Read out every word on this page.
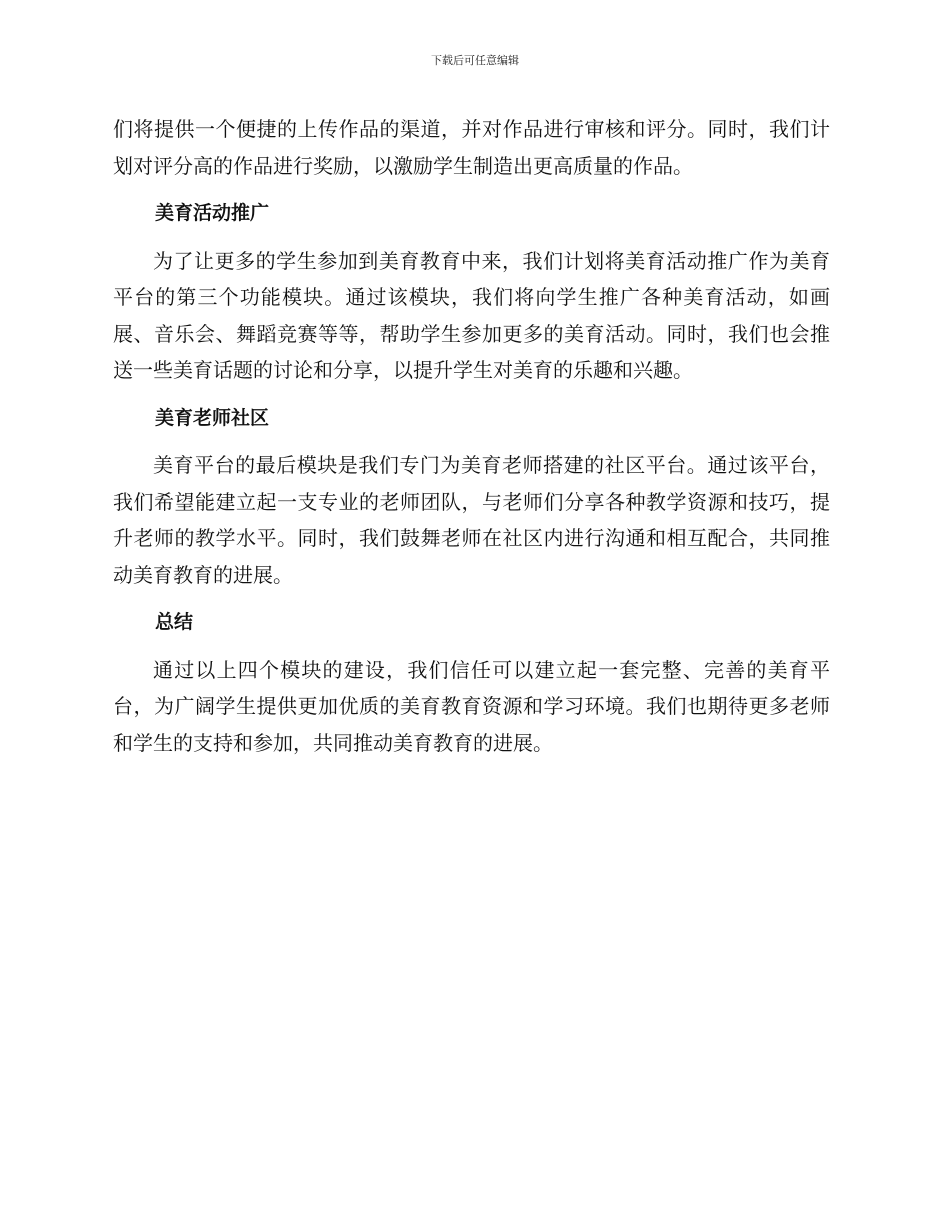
下载后可任意编辑

们将提供一个便捷的上传作品的渠道，并对作品进行审核和评分。同时，我们计划对评分高的作品进行奖励，以激励学生制造出更高质量的作品。

美育活动推广

为了让更多的学生参加到美育教育中来，我们计划将美育活动推广作为美育平台的第三个功能模块。通过该模块，我们将向学生推广各种美育活动，如画展、音乐会、舞蹈竞赛等等，帮助学生参加更多的美育活动。同时，我们也会推送一些美育话题的讨论和分享，以提升学生对美育的乐趣和兴趣。

美育老师社区

美育平台的最后模块是我们专门为美育老师搭建的社区平台。通过该平台，我们希望能建立起一支专业的老师团队，与老师们分享各种教学资源和技巧，提升老师的教学水平。同时，我们鼓舞老师在社区内进行沟通和相互配合，共同推动美育教育的进展。

总结

通过以上四个模块的建设，我们信任可以建立起一套完整、完善的美育平台，为广阔学生提供更加优质的美育教育资源和学习环境。我们也期待更多老师和学生的支持和参加，共同推动美育教育的进展。
